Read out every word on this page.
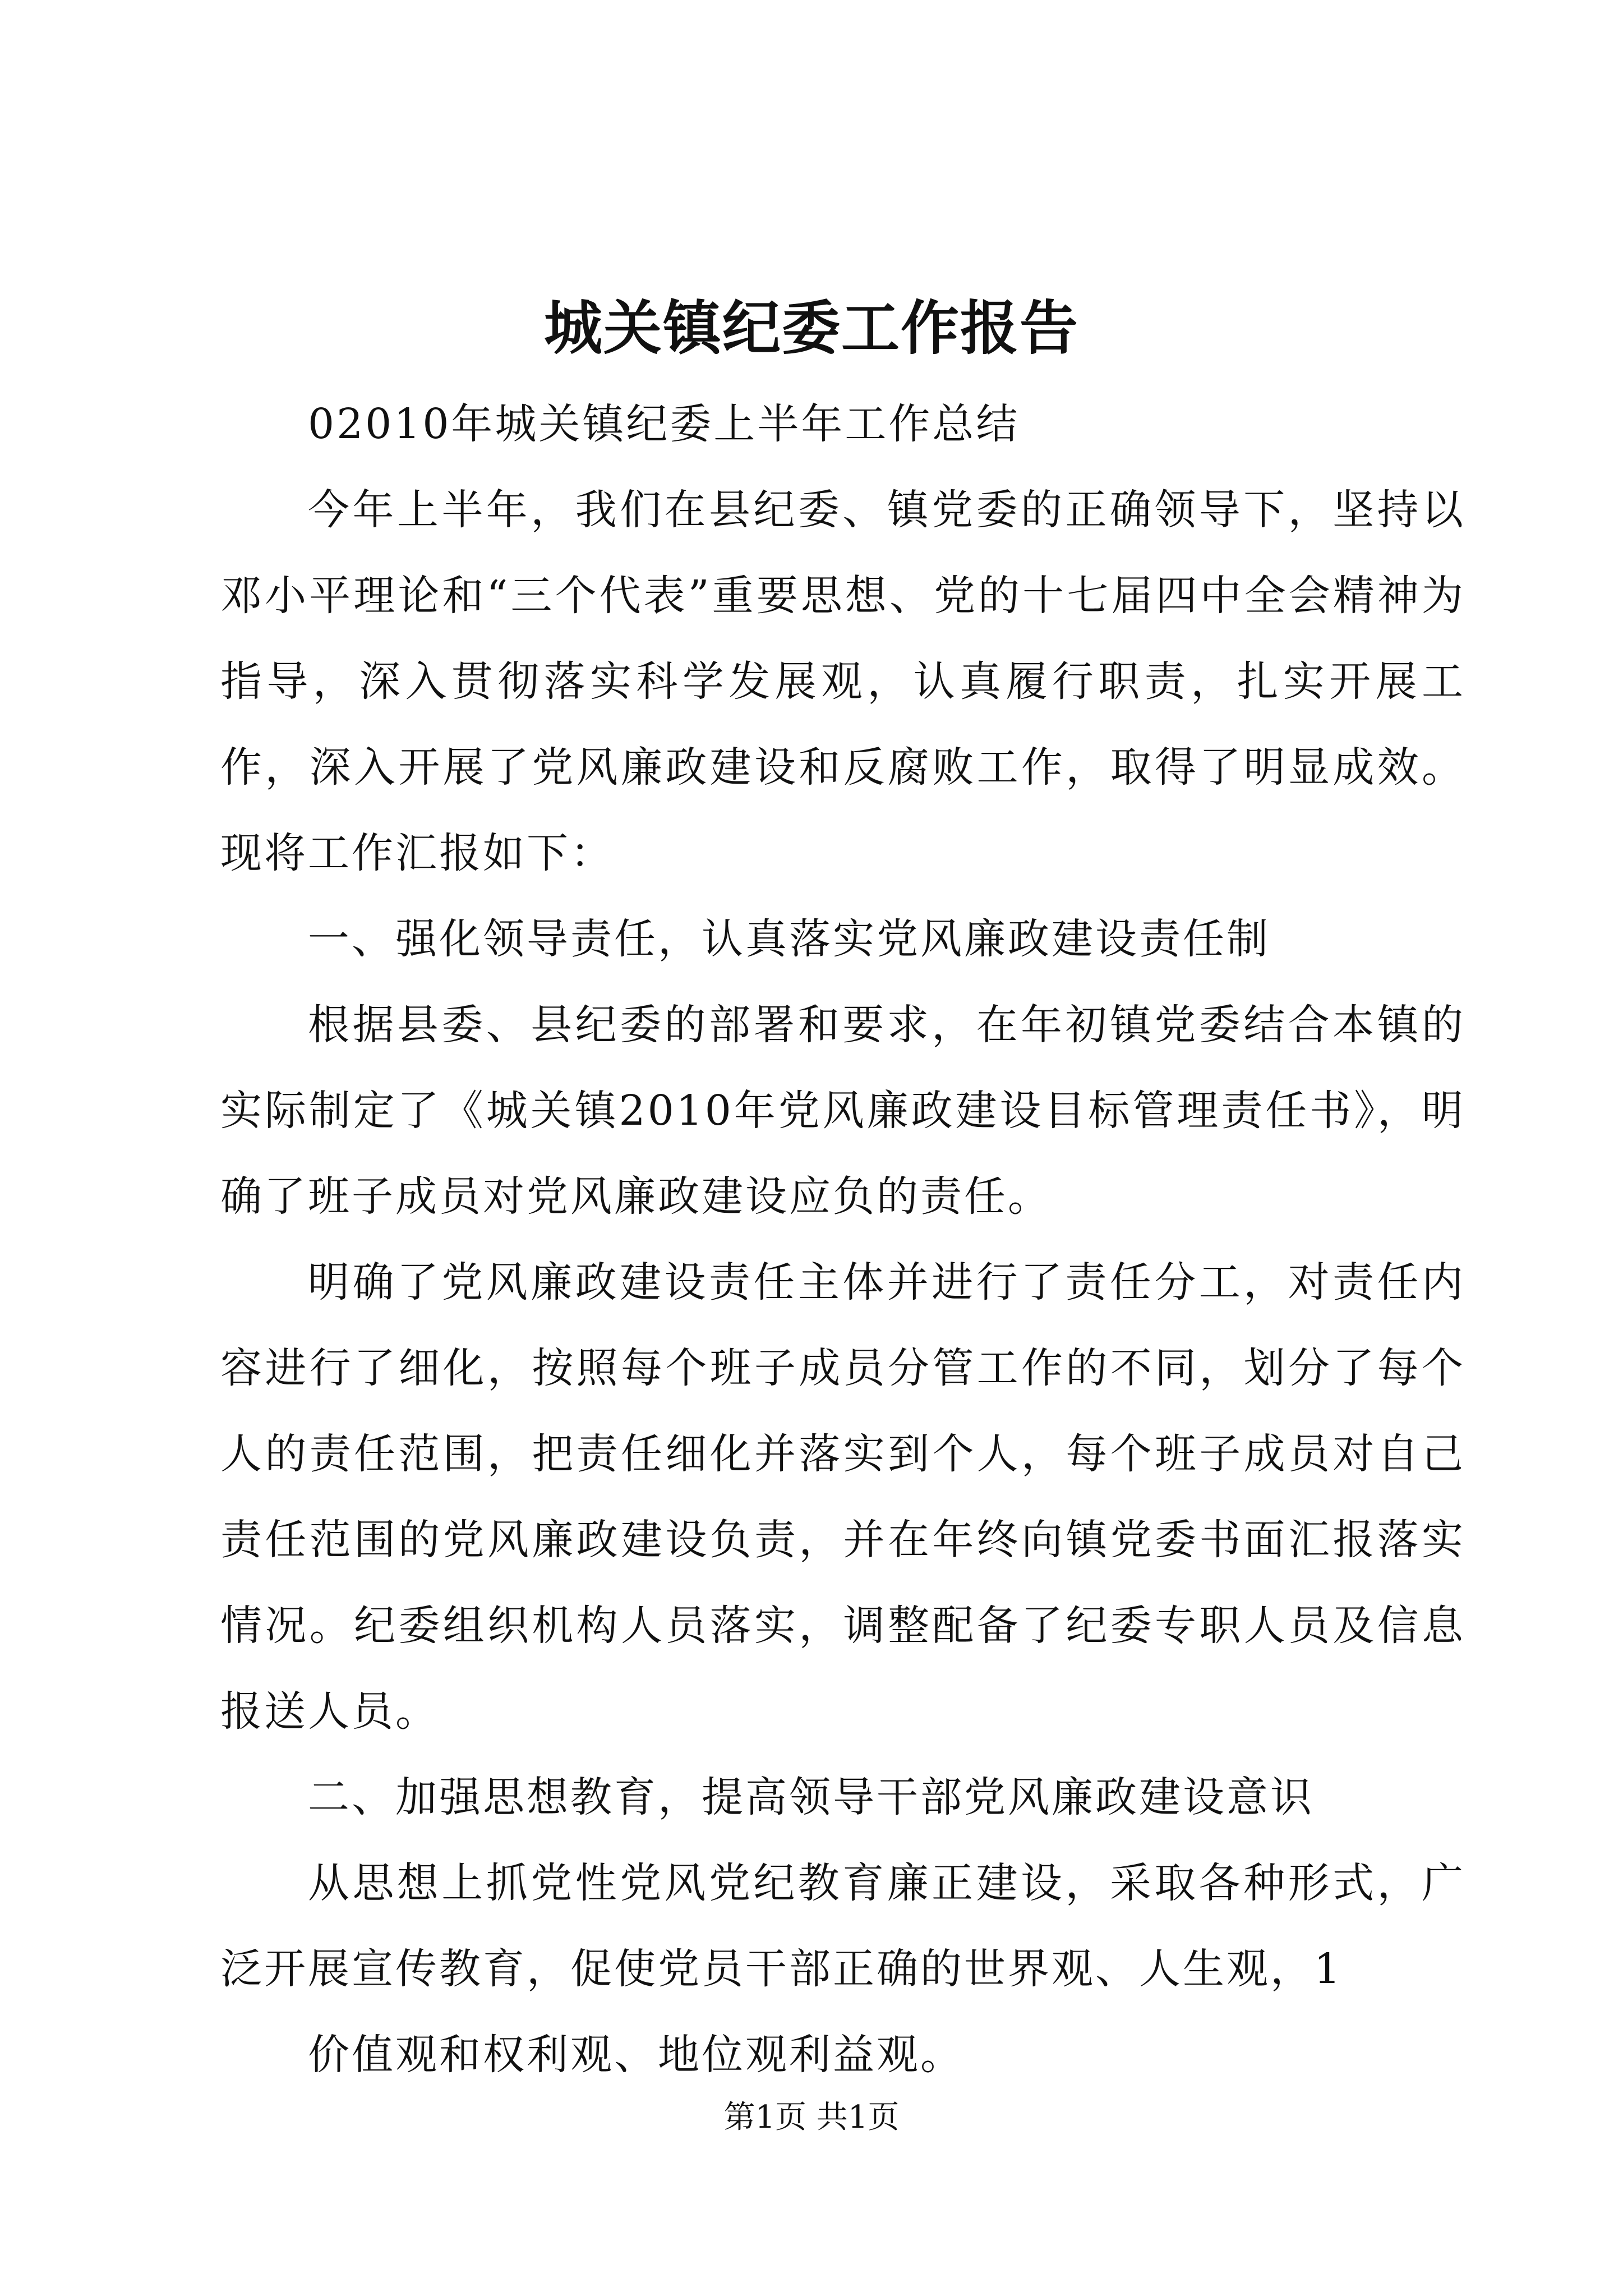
城关镇纪委工作报告

02010年城关镇纪委上半年工作总结

今年上半年，我们在县纪委、镇党委的正确领导下，坚持以邓小平理论和“三个代表”重要思想、党的十七届四中全会精神为指导，深入贯彻落实科学发展观，认真履行职责，扎实开展工作，深入开展了党风廉政建设和反腐败工作，取得了明显成效。现将工作汇报如下：

一、强化领导责任，认真落实党风廉政建设责任制

根据县委、县纪委的部署和要求，在年初镇党委结合本镇的实际制定了《城关镇2010年党风廉政建设目标管理责任书》，明确了班子成员对党风廉政建设应负的责任。

明确了党风廉政建设责任主体并进行了责任分工，对责任内容进行了细化，按照每个班子成员分管工作的不同，划分了每个人的责任范围，把责任细化并落实到个人，每个班子成员对自己责任范围的党风廉政建设负责，并在年终向镇党委书面汇报落实情况。纪委组织机构人员落实，调整配备了纪委专职人员及信息报送人员。

二、加强思想教育，提高领导干部党风廉政建设意识

从思想上抓党性党风党纪教育廉正建设，采取各种形式，广泛开展宣传教育，促使党员干部正确的世界观、人生观，1

价值观和权利观、地位观利益观。

第1页 共1页
